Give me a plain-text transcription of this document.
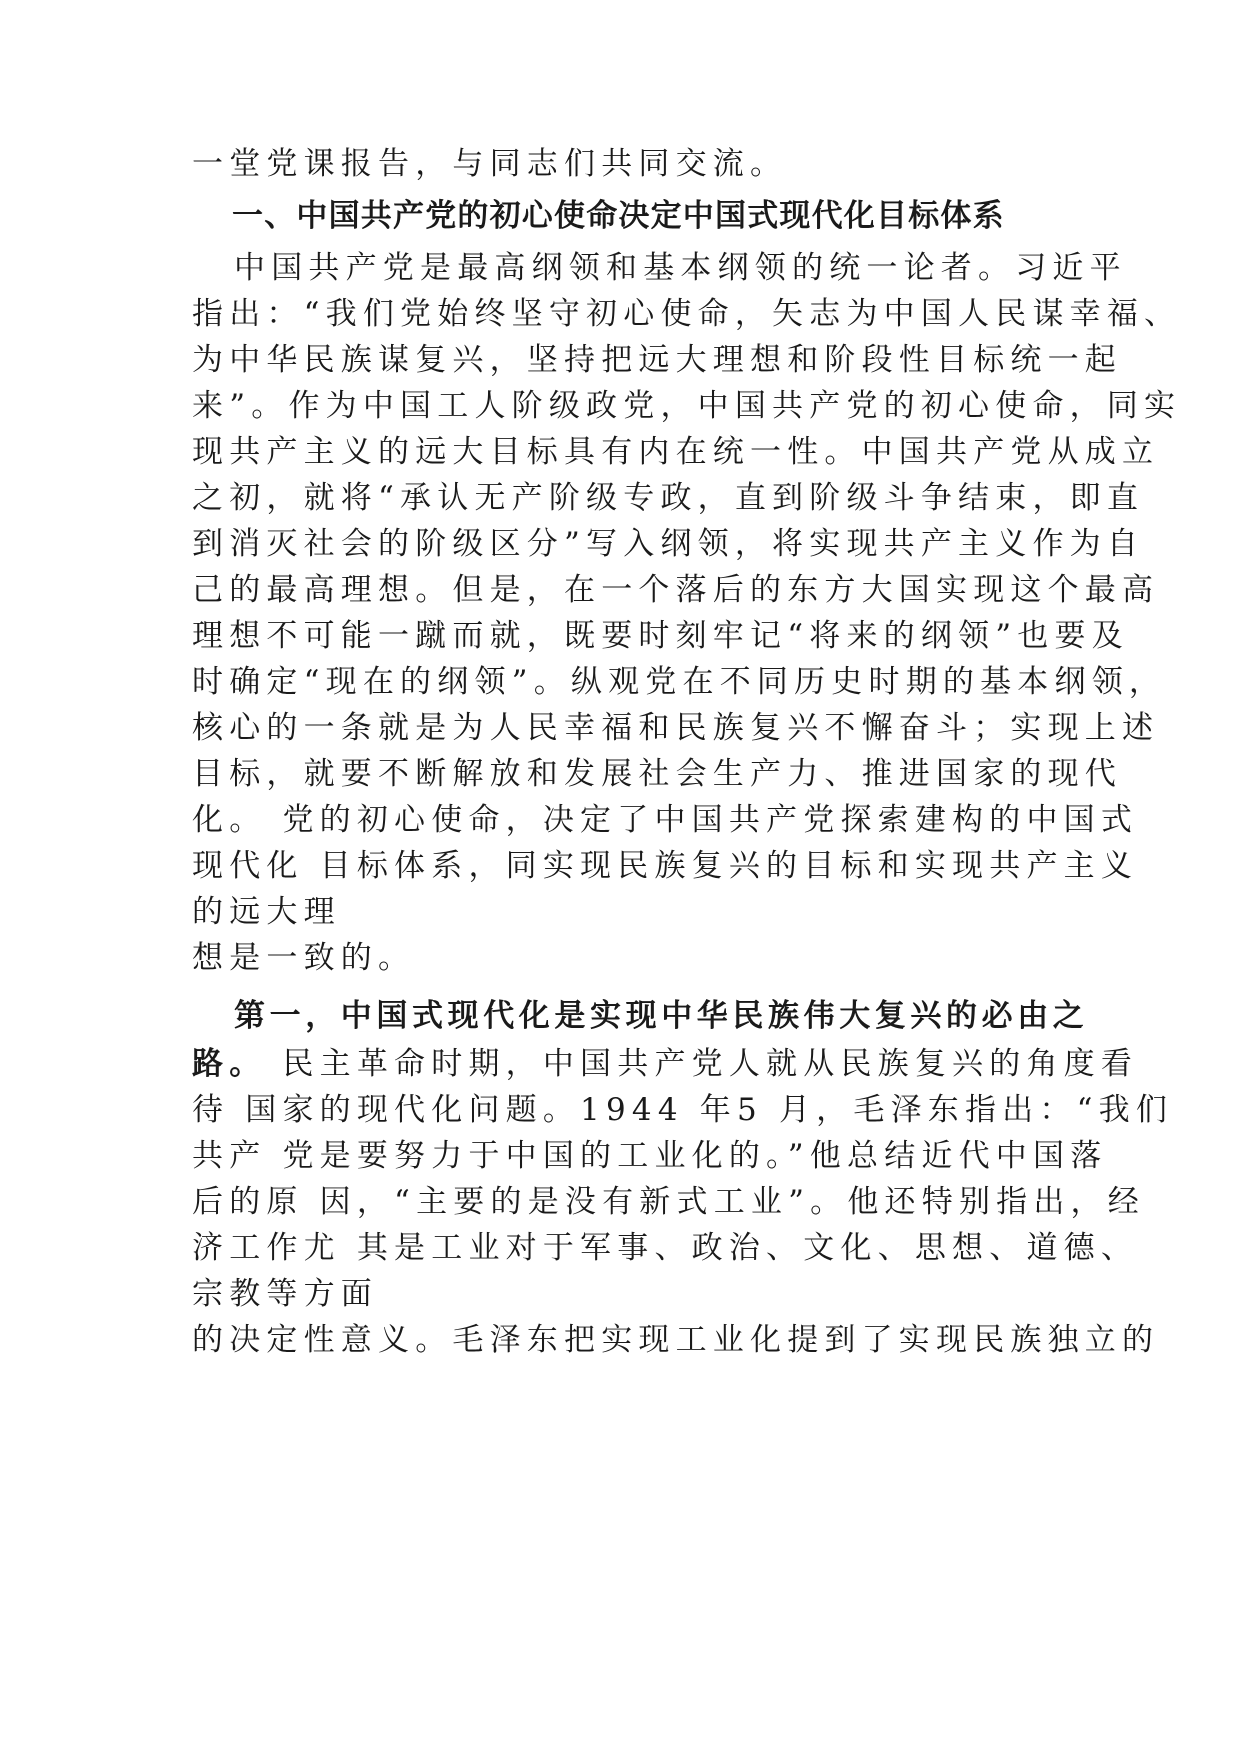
一堂党课报告，与同志们共同交流。
一、中国共产党的初心使命决定中国式现代化目标体系
中国共产党是最高纲领和基本纲领的统一论者。习近平
指出：“我们党始终坚守初心使命，矢志为中国人民谋幸福、
为中华民族谋复兴，坚持把远大理想和阶段性目标统一起
来”。作为中国工人阶级政党，中国共产党的初心使命，同实
现共产主义的远大目标具有内在统一性。中国共产党从成立
之初，就将“承认无产阶级专政，直到阶级斗争结束，即直
到消灭社会的阶级区分”写入纲领，将实现共产主义作为自
己的最高理想。但是，在一个落后的东方大国实现这个最高
理想不可能一蹴而就，既要时刻牢记“将来的纲领”也要及
时确定“现在的纲领”。纵观党在不同历史时期的基本纲领，
核心的一条就是为人民幸福和民族复兴不懈奋斗；实现上述
目标，就要不断解放和发展社会生产力、推进国家的现代
化。 党的初心使命，决定了中国共产党探索建构的中国式
现代化 目标体系，同实现民族复兴的目标和实现共产主义
的远大理
想是一致的。
第一，中国式现代化是实现中华民族伟大复兴的必由之
路。 民主革命时期，中国共产党人就从民族复兴的角度看
待 国家的现代化问题。1944 年5 月，毛泽东指出：“我们
共产 党是要努力于中国的工业化的。”他总结近代中国落
后的原 因，“主要的是没有新式工业”。他还特别指出，经
济工作尤 其是工业对于军事、政治、文化、思想、道德、
宗教等方面
的决定性意义。毛泽东把实现工业化提到了实现民族独立的
